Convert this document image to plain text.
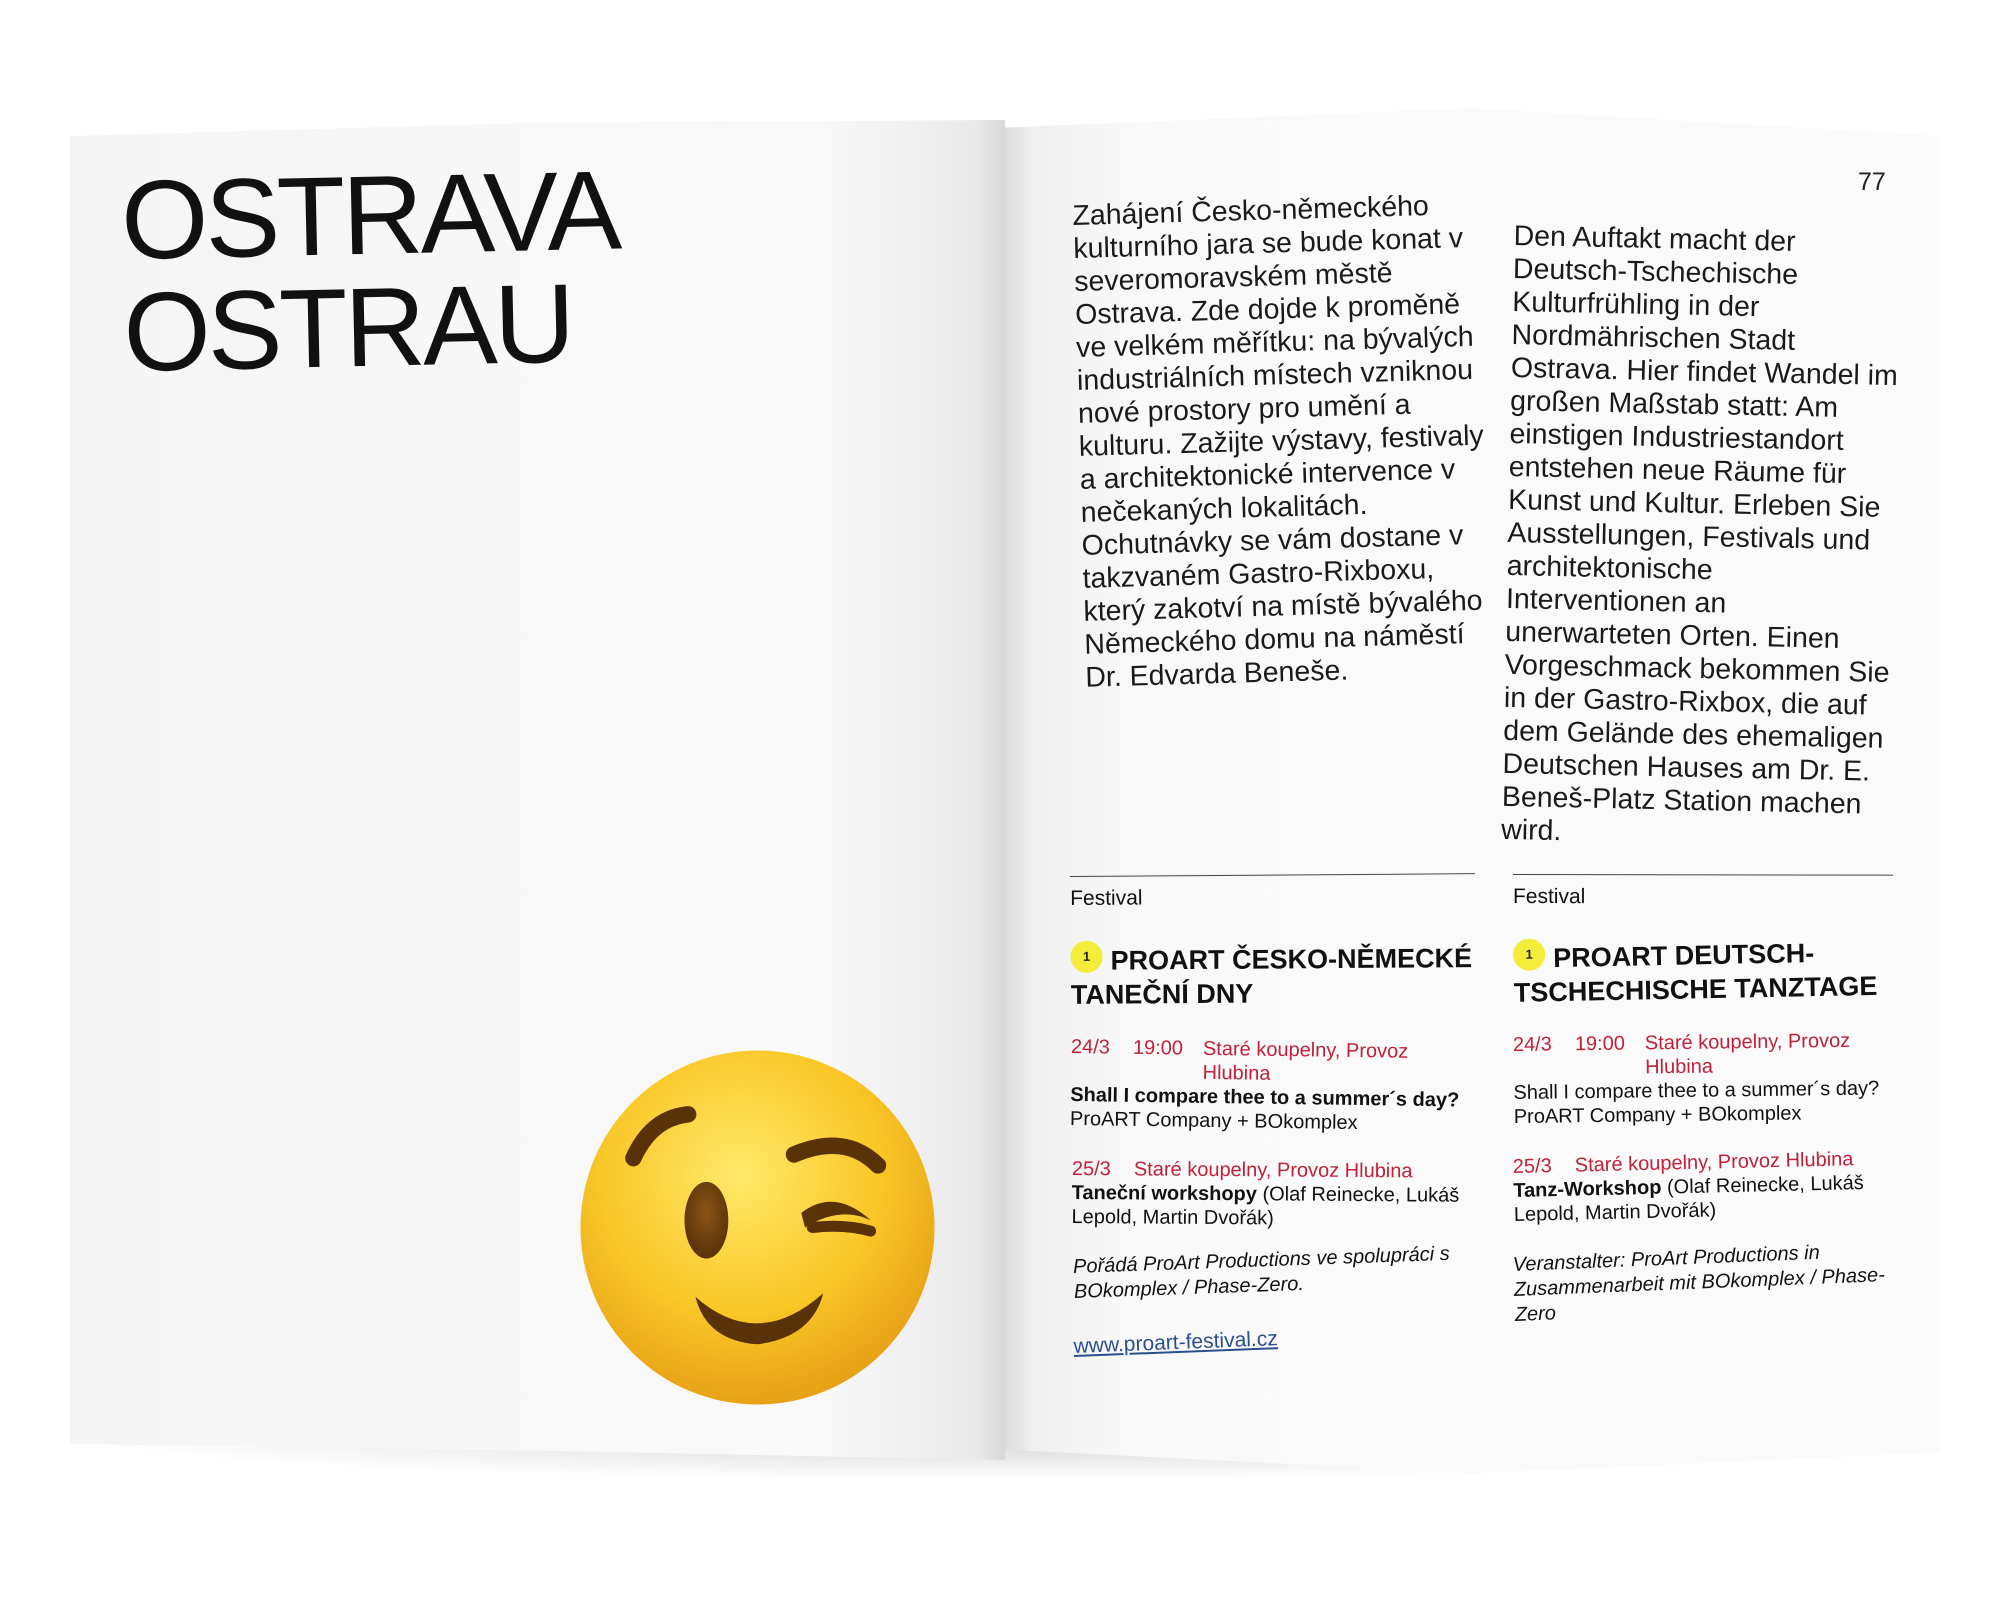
OSTRAVA
OSTRAU
77

Zahájení Česko-německého kulturního jara se bude konat v severomoravském městě Ostrava. Zde dojde k proměně ve velkém měřítku: na bývalých industriálních místech vzniknou nové prostory pro umění a kulturu. Zažijte výstavy, festivaly a architektonické intervence v nečekaných lokalitách. Ochutnávky se vám dostane v takzvaném Gastro-Rixboxu, který zakotví na místě bývalého Německého domu na náměstí Dr. Edvarda Beneše.

Den Auftakt macht der Deutsch-Tschechische Kulturfrühling in der Nordmährischen Stadt Ostrava. Hier findet Wandel im großen Maßstab statt: Am einstigen Industriestandort entstehen neue Räume für Kunst und Kultur. Erleben Sie Ausstellungen, Festivals und architektonische Interventionen an unerwarteten Orten. Einen Vorgeschmack bekommen Sie in der Gastro-Rixbox, die auf dem Gelände des ehemaligen Deutschen Hauses am Dr. E. Beneš-Platz Station machen wird.

Festival
1 PROART ČESKO-NĚMECKÉ TANEČNÍ DNY
24/3	19:00 Staré koupelny, Provoz Hlubina
Shall I compare thee to a summer´s day?
ProART Company + BOkomplex
25/3	Staré koupelny, Provoz Hlubina
Taneční workshopy (Olaf Reinecke, Lukáš Lepold, Martin Dvořák)
Pořádá ProArt Productions ve spolupráci s BOkomplex / Phase-Zero.
www.proart-festival.cz
Festival
1 PROART DEUTSCH-TSCHECHISCHE TANZTAGE
24/3	19:00 Staré koupelny, Provoz Hlubina
Shall I compare thee to a summer´s day? ProART Company + BOkomplex
25/3	Staré koupelny, Provoz Hlubina
Tanz-Workshop (Olaf Reinecke, Lukáš Lepold, Martin Dvořák)
Veranstalter: ProArt Productions in Zusammenarbeit mit BOkomplex / Phase-Zero
